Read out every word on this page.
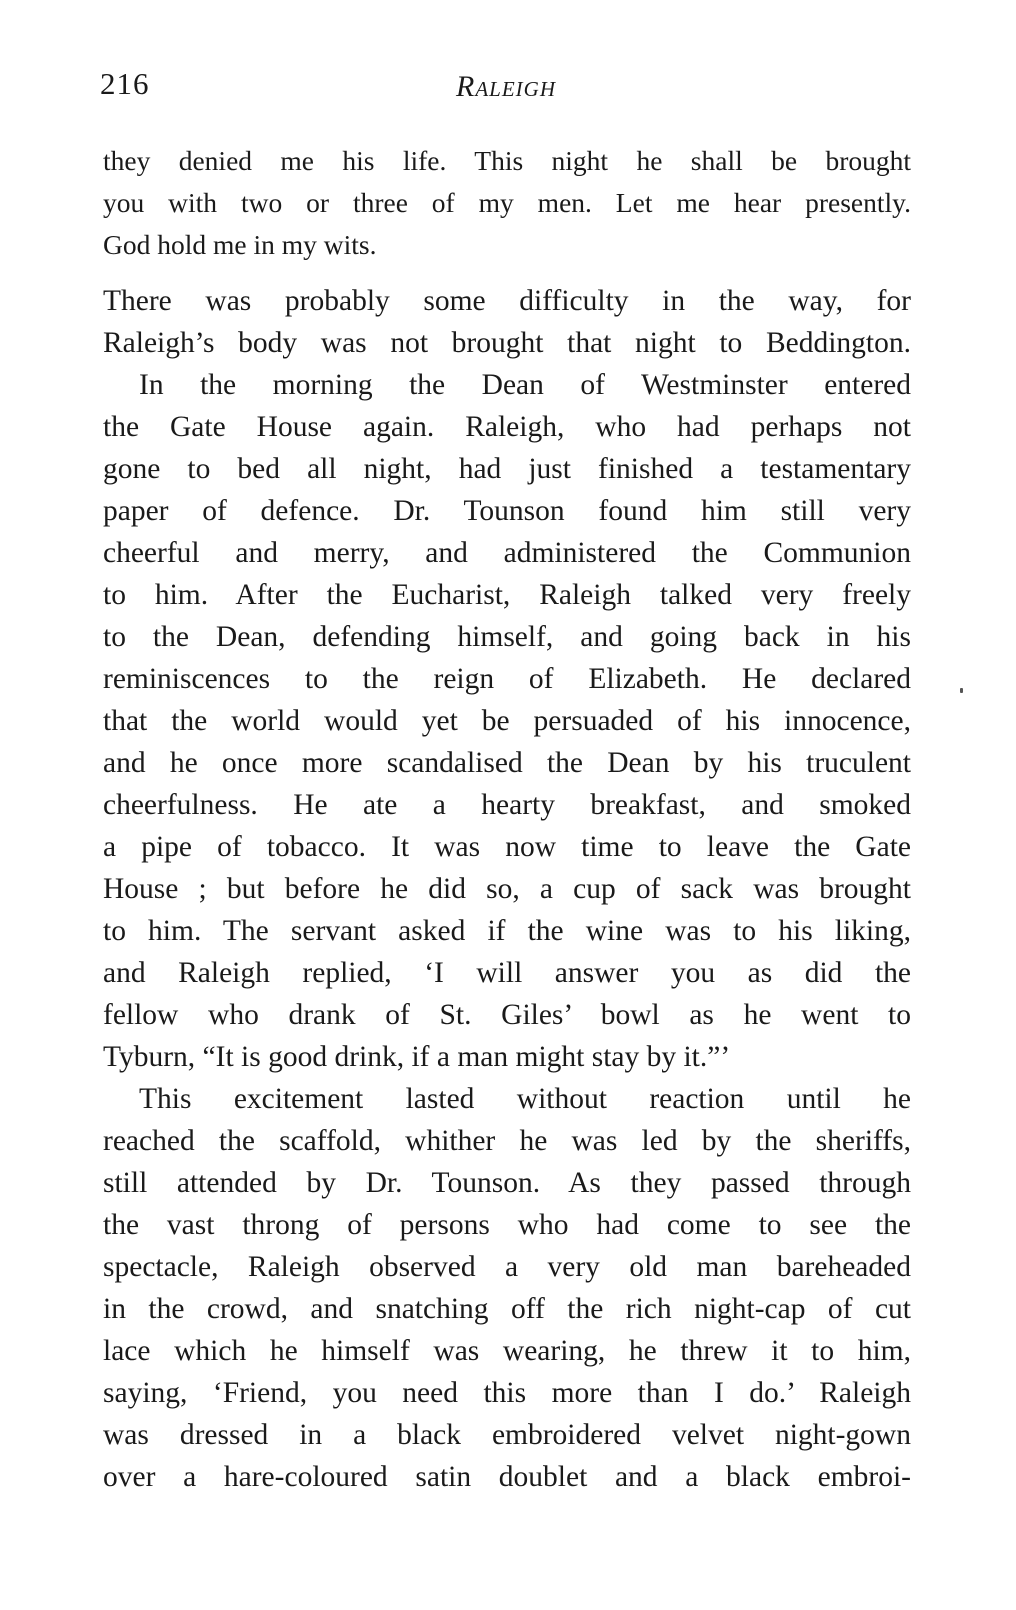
216	Raleigh
they denied me his life. This night he shall be brought
you with two or three of my men. Let me hear presently.
God hold me in my wits.
There was probably some difficulty in the way, for
Raleigh’s body was not brought that night to Beddington.
In the morning the Dean of Westminster entered
the Gate House again. Raleigh, who had perhaps not
gone to bed all night, had just finished a testamentary
paper of defence. Dr. Tounson found him still very
cheerful and merry, and administered the Communion
to him. After the Eucharist, Raleigh talked very freely
to the Dean, defending himself, and going back in his
reminiscences to the reign of Elizabeth. He declared
that the world would yet be persuaded of his innocence,
and he once more scandalised the Dean by his truculent
cheerfulness. He ate a hearty breakfast, and smoked
a pipe of tobacco. It was now time to leave the Gate
House ; but before he did so, a cup of sack was brought
to him. The servant asked if the wine was to his liking,
and Raleigh replied, ‘I will answer you as did the
fellow who drank of St. Giles’ bowl as he went to
Tyburn, “It is good drink, if a man might stay by it.”’
This excitement lasted without reaction until he
reached the scaffold, whither he was led by the sheriffs,
still attended by Dr. Tounson. As they passed through
the vast throng of persons who had come to see the
spectacle, Raleigh observed a very old man bareheaded
in the crowd, and snatching off the rich night-cap of cut
lace which he himself was wearing, he threw it to him,
saying, ‘Friend, you need this more than I do.’ Raleigh
was dressed in a black embroidered velvet night-gown
over a hare-coloured satin doublet and a black embroi-
